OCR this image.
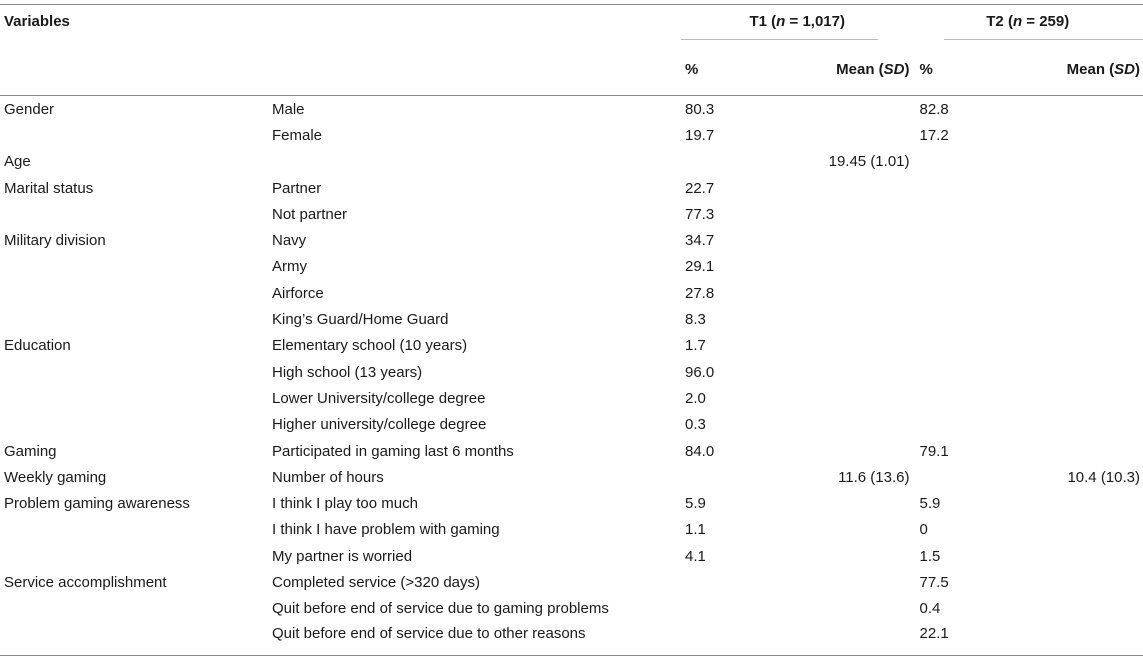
Variables		T1 (n = 1,017)		T2 (n = 259)	
		%	Mean (SD)	%	Mean (SD)
Gender	Male	80.3		82.8	
	Female	19.7		17.2	
Age			19.45 (1.01)		
Marital status	Partner	22.7			
	Not partner	77.3			
Military division	Navy	34.7			
	Army	29.1			
	Airforce	27.8			
	King’s Guard/Home Guard	8.3			
Education	Elementary school (10 years)	1.7			
	High school (13 years)	96.0			
	Lower University/college degree	2.0			
	Higher university/college degree	0.3			
Gaming	Participated in gaming last 6 months	84.0		79.1	
Weekly gaming	Number of hours		11.6 (13.6)		10.4 (10.3)
Problem gaming awareness	I think I play too much	5.9		5.9	
	I think I have problem with gaming	1.1		0	
	My partner is worried	4.1		1.5	
Service accomplishment	Completed service (>320 days)			77.5	
	Quit before end of service due to gaming problems			0.4	
	Quit before end of service due to other reasons			22.1	
